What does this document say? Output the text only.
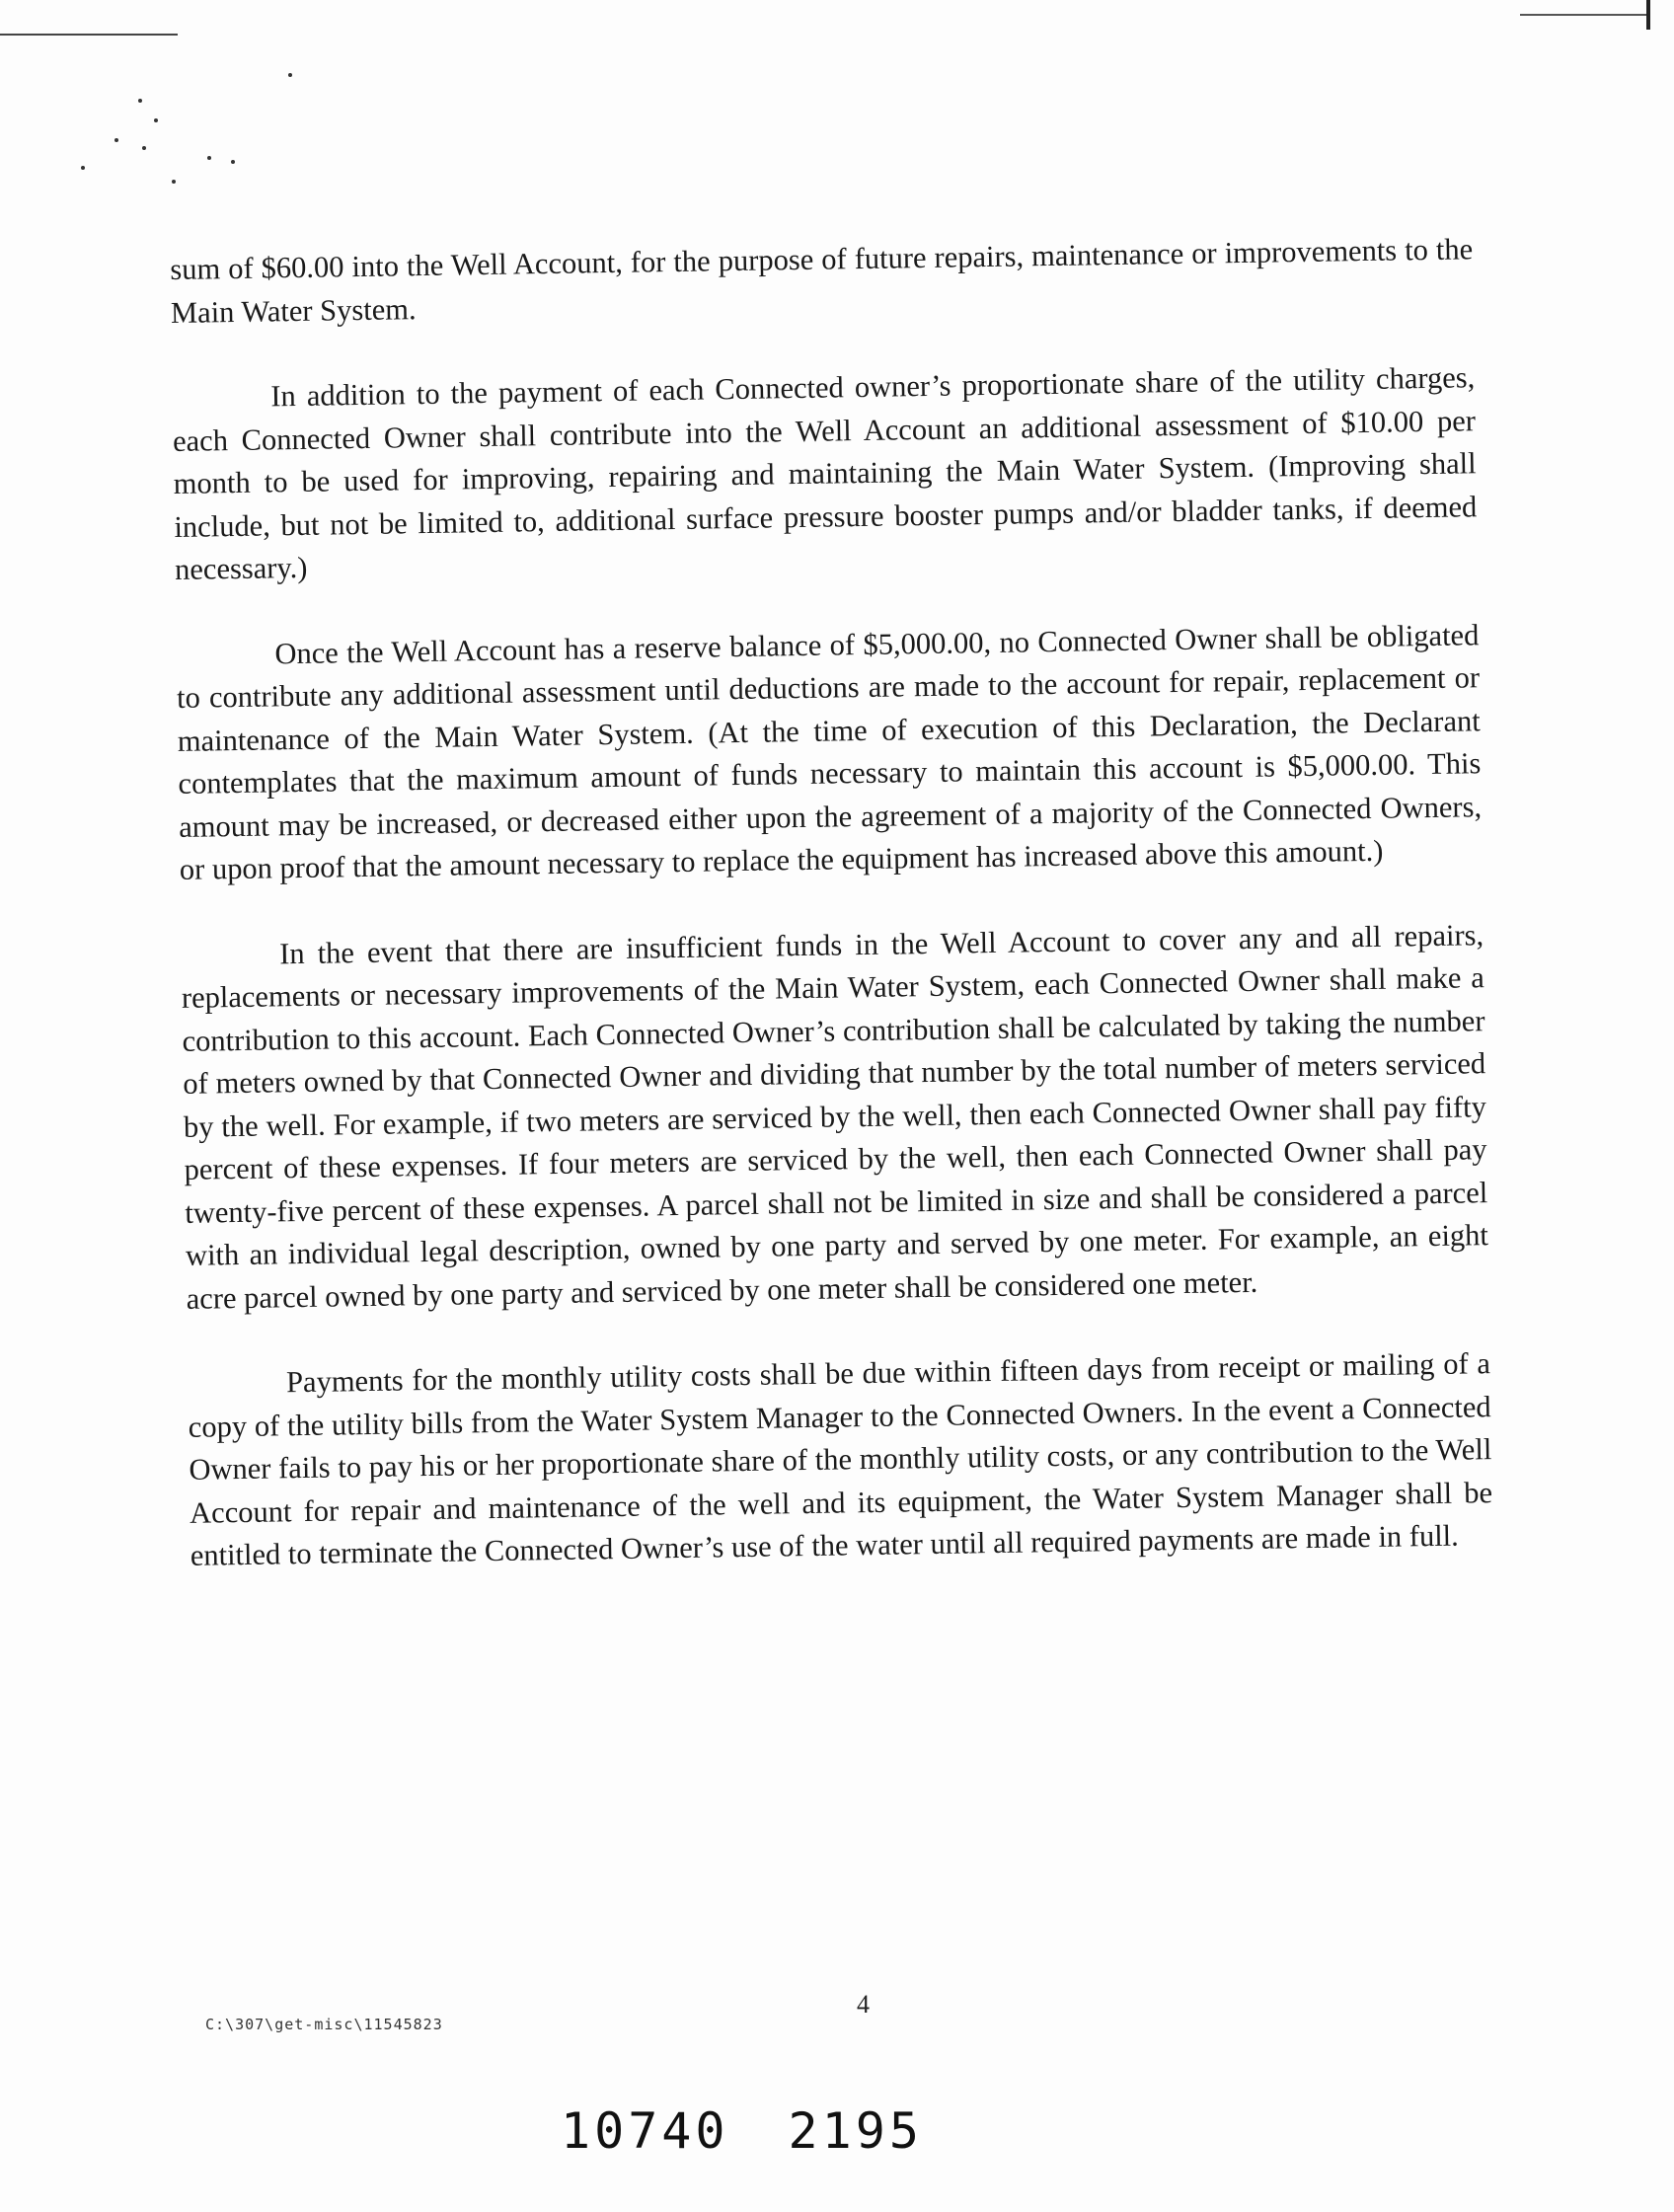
sum of $60.00 into the Well Account, for the purpose of future repairs, maintenance or improvements to the Main Water System.

In addition to the payment of each Connected owner’s proportionate share of the utility charges, each Connected Owner shall contribute into the Well Account an additional assessment of $10.00 per month to be used for improving, repairing and maintaining the Main Water System. (Improving shall include, but not be limited to, additional surface pressure booster pumps and/or bladder tanks, if deemed necessary.)

Once the Well Account has a reserve balance of $5,000.00, no Connected Owner shall be obligated to contribute any additional assessment until deductions are made to the account for repair, replacement or maintenance of the Main Water System. (At the time of execution of this Declaration, the Declarant contemplates that the maximum amount of funds necessary to maintain this account is $5,000.00. This amount may be increased, or decreased either upon the agreement of a majority of the Connected Owners, or upon proof that the amount necessary to replace the equipment has increased above this amount.)

In the event that there are insufficient funds in the Well Account to cover any and all repairs, replacements or necessary improvements of the Main Water System, each Connected Owner shall make a contribution to this account. Each Connected Owner’s contribution shall be calculated by taking the number of meters owned by that Connected Owner and dividing that number by the total number of meters serviced by the well. For example, if two meters are serviced by the well, then each Connected Owner shall pay fifty percent of these expenses. If four meters are serviced by the well, then each Connected Owner shall pay twenty-five percent of these expenses. A parcel shall not be limited in size and shall be considered a parcel with an individual legal description, owned by one party and served by one meter. For example, an eight acre parcel owned by one party and serviced by one meter shall be considered one meter.

Payments for the monthly utility costs shall be due within fifteen days from receipt or mailing of a copy of the utility bills from the Water System Manager to the Connected Owners. In the event a Connected Owner fails to pay his or her proportionate share of the monthly utility costs, or any contribution to the Well Account for repair and maintenance of the well and its equipment, the Water System Manager shall be entitled to terminate the Connected Owner’s use of the water until all required payments are made in full.

C:\307\get-misc\11545823
4
10740 2195
